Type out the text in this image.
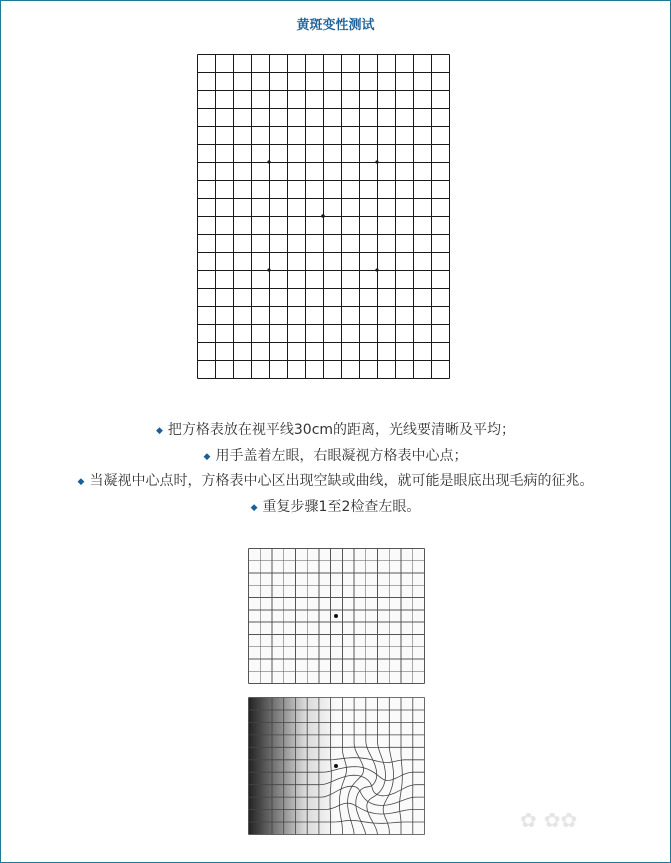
黄斑变性测试
◆ 把方格表放在视平线30cm的距离，光线要清晰及平均；
◆ 用手盖着左眼，右眼凝视方格表中心点；
◆ 当凝视中心点时，方格表中心区出现空缺或曲线，就可能是眼底出现毛病的征兆。
◆ 重复步骤1至2检查左眼。
✿ ✿✿
